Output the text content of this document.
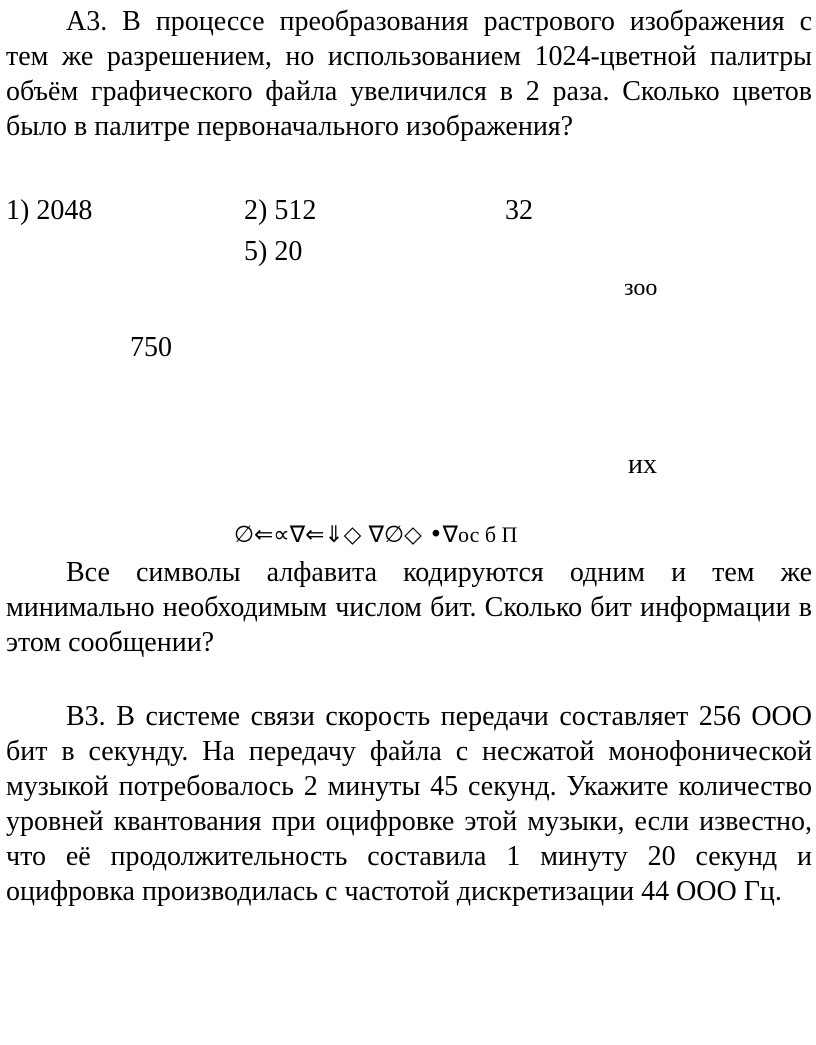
А3. В процессе преобразования растрового изображения с тем же разрешением, но использованием 1024-цветной палитры объём графического файла увеличился в 2 раза. Сколько цветов было в палитре первоначального изображения?

1) 2048	2) 512	32
5) 20
зоо
750
их
∅⇐∝∇⇐⇓◇ ∇∅◇ •∇ос б П

Все символы алфавита кодируются одним и тем же минимально необходимым числом бит. Сколько бит информации в этом сообщении?

В3. В системе связи скорость передачи составляет 256 ООО бит в секунду. На передачу файла с несжатой монофонической музыкой потребовалось 2 минуты 45 секунд. Укажите количество уровней квантования при оцифровке этой музыки, если известно, что её продолжительность составила 1 минуту 20 секунд и оцифровка производилась с частотой дискретизации 44 ООО Гц.
